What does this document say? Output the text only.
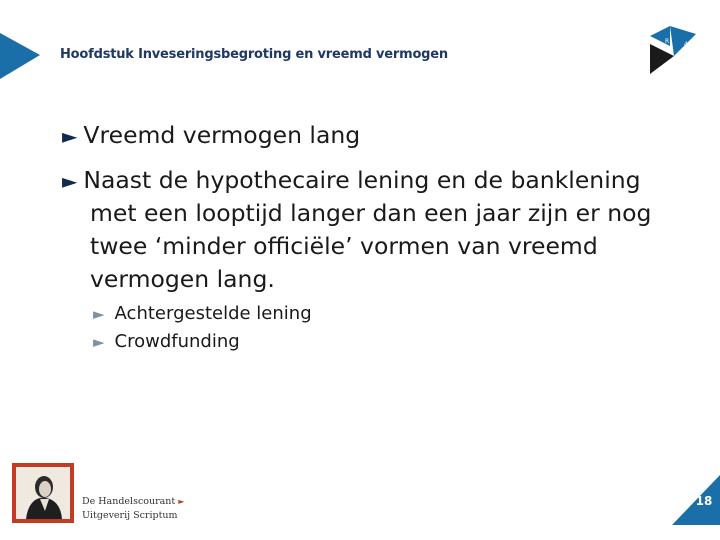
R 4
Hoofdstuk Inveseringsbegroting en vreemd vermogen
► Vreemd vermogen lang
► Naast de hypothecaire lening en de banklening
met een looptijd langer dan een jaar zijn er nog
twee ‘minder officiële’ vormen van vreemd
vermogen lang.
► Achtergestelde lening
► Crowdfunding
De Handelscourant ►
Uitgeverij Scriptum
18
